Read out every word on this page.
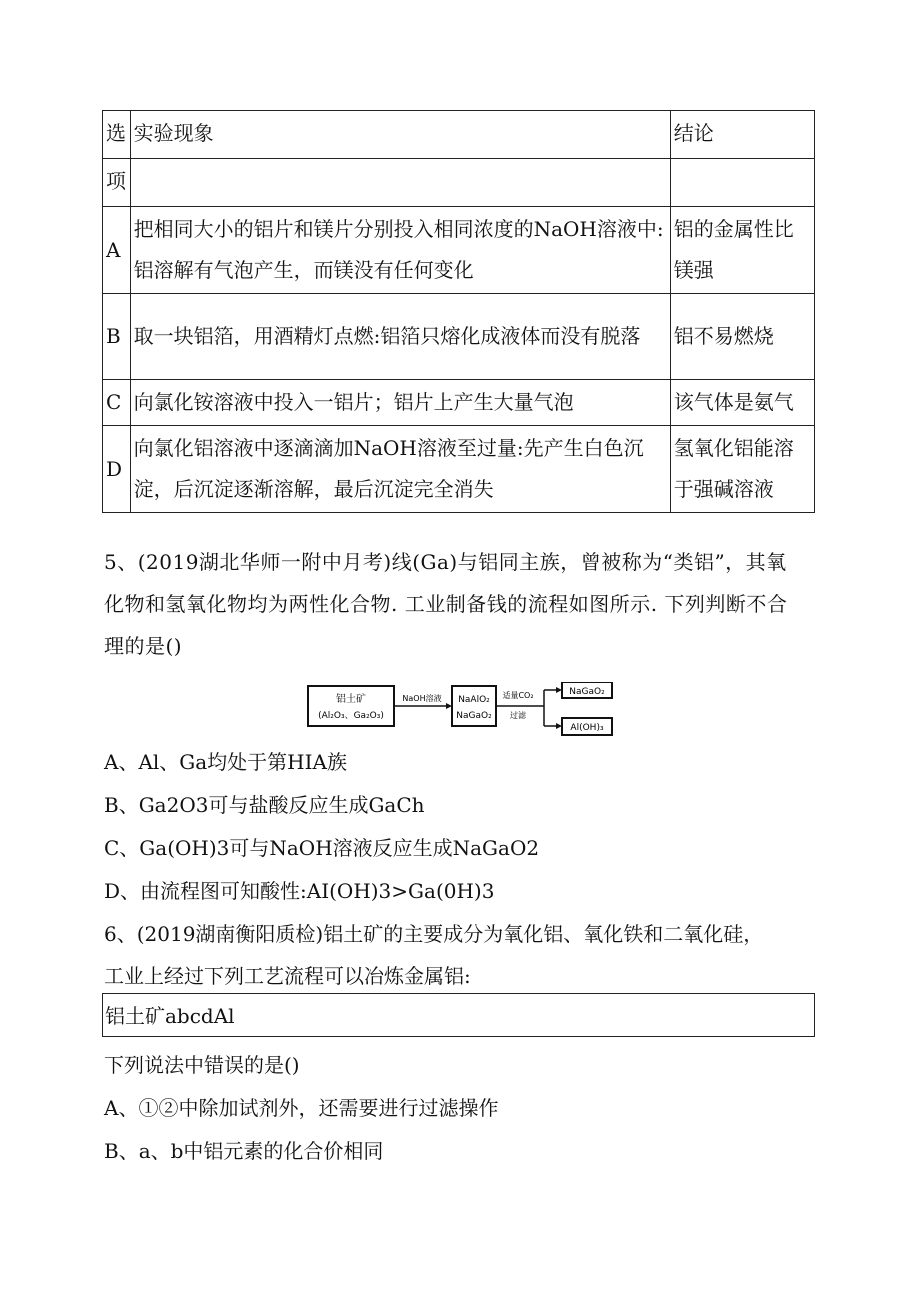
选	实验现象	结论
项		
A	把相同大小的铝片和镁片分别投入相同浓度的NaOH溶液中:铝溶解有气泡产生，而镁没有任何变化	铝的金属性比镁强
B	取一块铝箔，用酒精灯点燃:铝箔只熔化成液体而没有脱落	铝不易燃烧
C	向氯化铵溶液中投入一铝片；铝片上产生大量气泡	该气体是氨气
D	向氯化铝溶液中逐滴滴加NaOH溶液至过量:先产生白色沉淀，后沉淀逐渐溶解，最后沉淀完全消失	氢氧化铝能溶于强碱溶液
5、(2019湖北华师一附中月考)线(Ga)与铝同主族，曾被称为“类铝”，其氧化物和氢氧化物均为两性化合物. 工业制备钱的流程如图所示. 下列判断不合理的是()
铝土矿
(Al₂O₃、Ga₂O₃)
NaOH溶液 NaAlO₂
NaGaO₂
适量CO₂
过滤
NaGaO₂
Al(OH)₃
A、Al、Ga均处于第HIA族
B、Ga2O3可与盐酸反应生成GaCh
C、Ga(OH)3可与NaOH溶液反应生成NaGaO2
D、由流程图可知酸性:AI(OH)3>Ga(0H)3
6、(2019湖南衡阳质检)铝土矿的主要成分为氧化铝、氧化铁和二氧化硅，
工业上经过下列工艺流程可以冶炼金属铝:
铝土矿abcdAl
下列说法中错误的是()
A、①②中除加试剂外，还需要进行过滤操作
B、a、b中铝元素的化合价相同
